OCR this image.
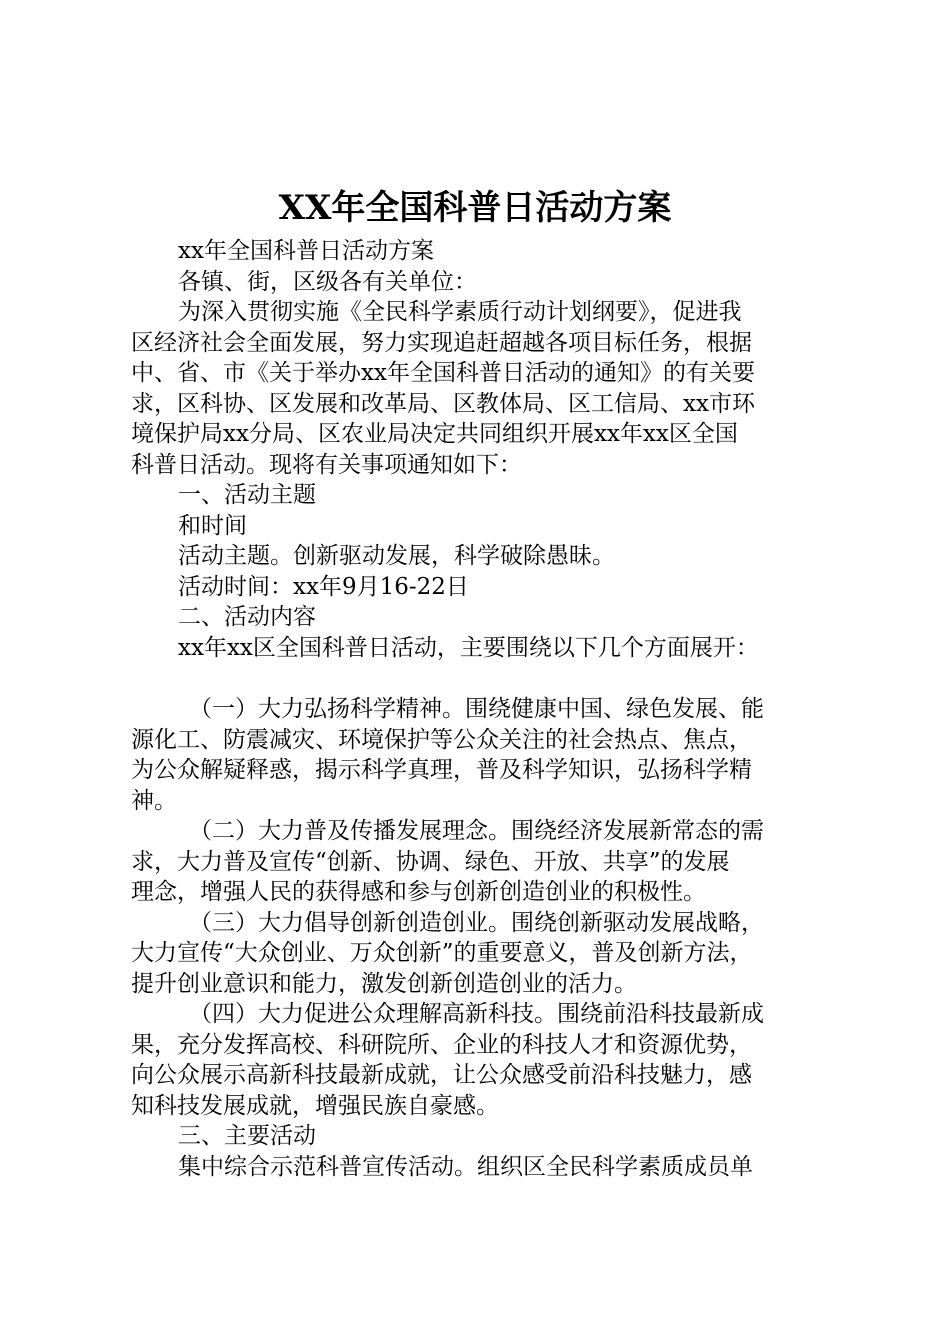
XX年全国科普日活动方案

xx年全国科普日活动方案

各镇、街，区级各有关单位：

为深入贯彻实施《全民科学素质行动计划纲要》，促进我

区经济社会全面发展，努力实现追赶超越各项目标任务，根据

中、省、市《关于举办xx年全国科普日活动的通知》的有关要

求，区科协、区发展和改革局、区教体局、区工信局、xx市环

境保护局xx分局、区农业局决定共同组织开展xx年xx区全国

科普日活动。现将有关事项通知如下：

一、活动主题

和时间

活动主题。创新驱动发展，科学破除愚昧。

活动时间：xx年9月16-22日

二、活动内容

xx年xx区全国科普日活动，主要围绕以下几个方面展开：

（一）大力弘扬科学精神。围绕健康中国、绿色发展、能

源化工、防震减灾、环境保护等公众关注的社会热点、焦点，

为公众解疑释惑，揭示科学真理，普及科学知识，弘扬科学精

神。

（二）大力普及传播发展理念。围绕经济发展新常态的需

求，大力普及宣传“创新、协调、绿色、开放、共享”的发展

理念，增强人民的获得感和参与创新创造创业的积极性。

（三）大力倡导创新创造创业。围绕创新驱动发展战略，

大力宣传“大众创业、万众创新”的重要意义，普及创新方法，

提升创业意识和能力，激发创新创造创业的活力。

（四）大力促进公众理解高新科技。围绕前沿科技最新成

果，充分发挥高校、科研院所、企业的科技人才和资源优势，

向公众展示高新科技最新成就，让公众感受前沿科技魅力，感

知科技发展成就，增强民族自豪感。

三、主要活动

集中综合示范科普宣传活动。组织区全民科学素质成员单
